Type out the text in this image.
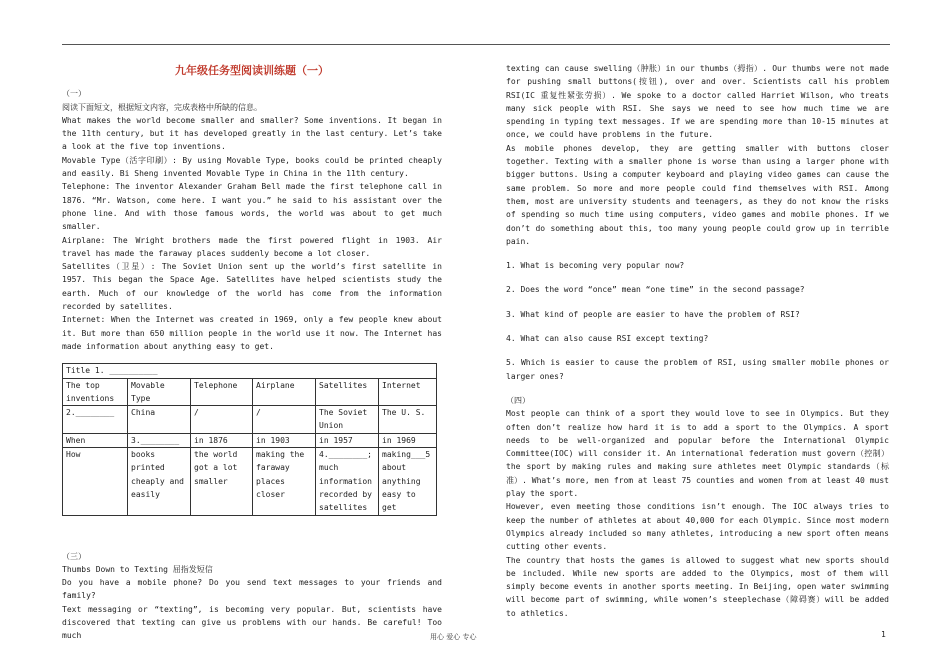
九年级任务型阅读训练题（一）

（一）

阅读下面短文，根据短文内容，完成表格中所缺的信息。

What makes the world become smaller and smaller? Some inventions. It began in the 11th century, but it has developed greatly in the last century. Let’s take a look at the five top inventions.

Movable Type（活字印刷）: By using Movable Type, books could be printed cheaply and easily. Bi Sheng invented Movable Type in China in the 11th century.

Telephone: The inventor Alexander Graham Bell made the first telephone call in 1876. “Mr. Watson, come here. I want you.” he said to his assistant over the phone line. And with those famous words, the world was about to get much smaller.

Airplane: The Wright brothers made the first powered flight in 1903. Air travel has made the faraway places suddenly become a lot closer.

Satellites（卫星）: The Soviet Union sent up the world’s first satellite in 1957. This began the Space Age. Satellites have helped scientists study the earth. Much of our knowledge of the world has come from the information recorded by satellites.

Internet: When the Internet was created in 1969, only a few people knew about it. But more than 650 million people in the world use it now. The Internet has made information about anything easy to get.

Title 1. __________					
The top inventions	Movable Type	Telephone	Airplane	Satellites	Internet
2.________	China	/	/	The Soviet Union	The U. S.
When	3.________	in 1876	in 1903	in 1957	in 1969
How	books printed cheaply and easily	the world got a lot smaller	making the faraway places closer	4.________; much information recorded by satellites	making___5 about anything easy to get

（三）

Thumbs Down to Texting 屈指发短信

Do you have a mobile phone? Do you send text messages to your friends and family?

Text messaging or “texting”, is becoming very popular. But, scientists have discovered that texting can give us problems with our hands. Be careful! Too much

texting can cause swelling（肿胀）in our thumbs（拇指）. Our thumbs were not made for pushing small buttons(按钮), over and over. Scientists call his problem RSI(IC 重复性紧张劳损）. We spoke to a doctor called Harriet Wilson, who treats many sick people with RSI. She says we need to see how much time we are spending in typing text messages. If we are spending more than 10-15 minutes at once, we could have problems in the future.

As mobile phones develop, they are getting smaller with buttons closer together. Texting with a smaller phone is worse than using a larger phone with bigger buttons. Using a computer keyboard and playing video games can cause the same problem. So more and more people could find themselves with RSI. Among them, most are university students and teenagers, as they do not know the risks of spending so much time using computers, video games and mobile phones. If we don’t do something about this, too many young people could grow up in terrible pain.

1. What is becoming very popular now?

2. Does the word “once” mean “one time” in the second passage?

3. What kind of people are easier to have the problem of RSI?

4. What can also cause RSI except texting?

5. Which is easier to cause the problem of RSI, using smaller mobile phones or larger ones?

（四）

Most people can think of a sport they would love to see in Olympics. But they often don’t realize how hard it is to add a sport to the Olympics. A sport needs to be well-organized and popular before the International Olympic Committee(IOC) will consider it. An international federation must govern（控制）the sport by making rules and making sure athletes meet Olympic standards（标准）. What’s more, men from at least 75 counties and women from at least 40 must play the sport.

However, even meeting those conditions isn’t enough. The IOC always tries to keep the number of athletes at about 40,000 for each Olympic. Since most modern Olympics already included so many athletes, introducing a new sport often means cutting other events.

The country that hosts the games is allowed to suggest what new sports should be included. While new sports are added to the Olympics, most of them will simply become events in another sports meeting. In Beijing, open water swimming will become part of swimming, while women’s steeplechase（障碍赛）will be added to athletics.

用心 爱心 专心	1
